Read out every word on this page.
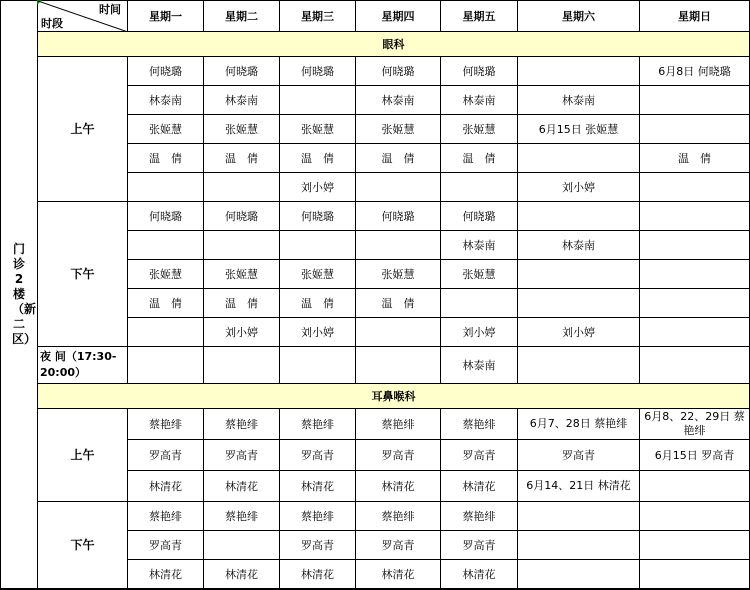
门诊2楼（新二区）	时间
时段	星期一	星期二	星期三	星期四	星期五	星期六	星期日
	眼科							
	上午	何晓璐	何晓璐	何晓璐	何晓璐	何晓璐		6月8日 何晓璐
		林泰南	林泰南		林泰南	林泰南	林泰南	
		张姬慧	张姬慧	张姬慧	张姬慧	张姬慧	6月15日 张姬慧	
		温　倩	温　倩	温　倩	温　倩	温　倩		温　倩
				刘小婷			刘小婷	
	下午	何晓璐	何晓璐	何晓璐	何晓璐	何晓璐		
						林泰南	林泰南	
		张姬慧	张姬慧	张姬慧	张姬慧	张姬慧		
		温　倩	温　倩	温　倩	温　倩			
			刘小婷	刘小婷		刘小婷	刘小婷	
	夜 间（17:30-20:00）					林泰南		
	耳鼻喉科							
	上午	蔡艳绯	蔡艳绯	蔡艳绯	蔡艳绯	蔡艳绯	6月7、28日 蔡艳绯	6月8、22、29日 蔡艳绯
		罗高青	罗高青	罗高青	罗高青	罗高青	罗高青	6月15日 罗高青
		林清花	林清花	林清花	林清花	林清花	6月14、21日 林清花	
	下午	蔡艳绯	蔡艳绯	蔡艳绯	蔡艳绯	蔡艳绯		
		罗高青		罗高青	罗高青	罗高青		
		林清花	林清花	林清花	林清花	林清花		
